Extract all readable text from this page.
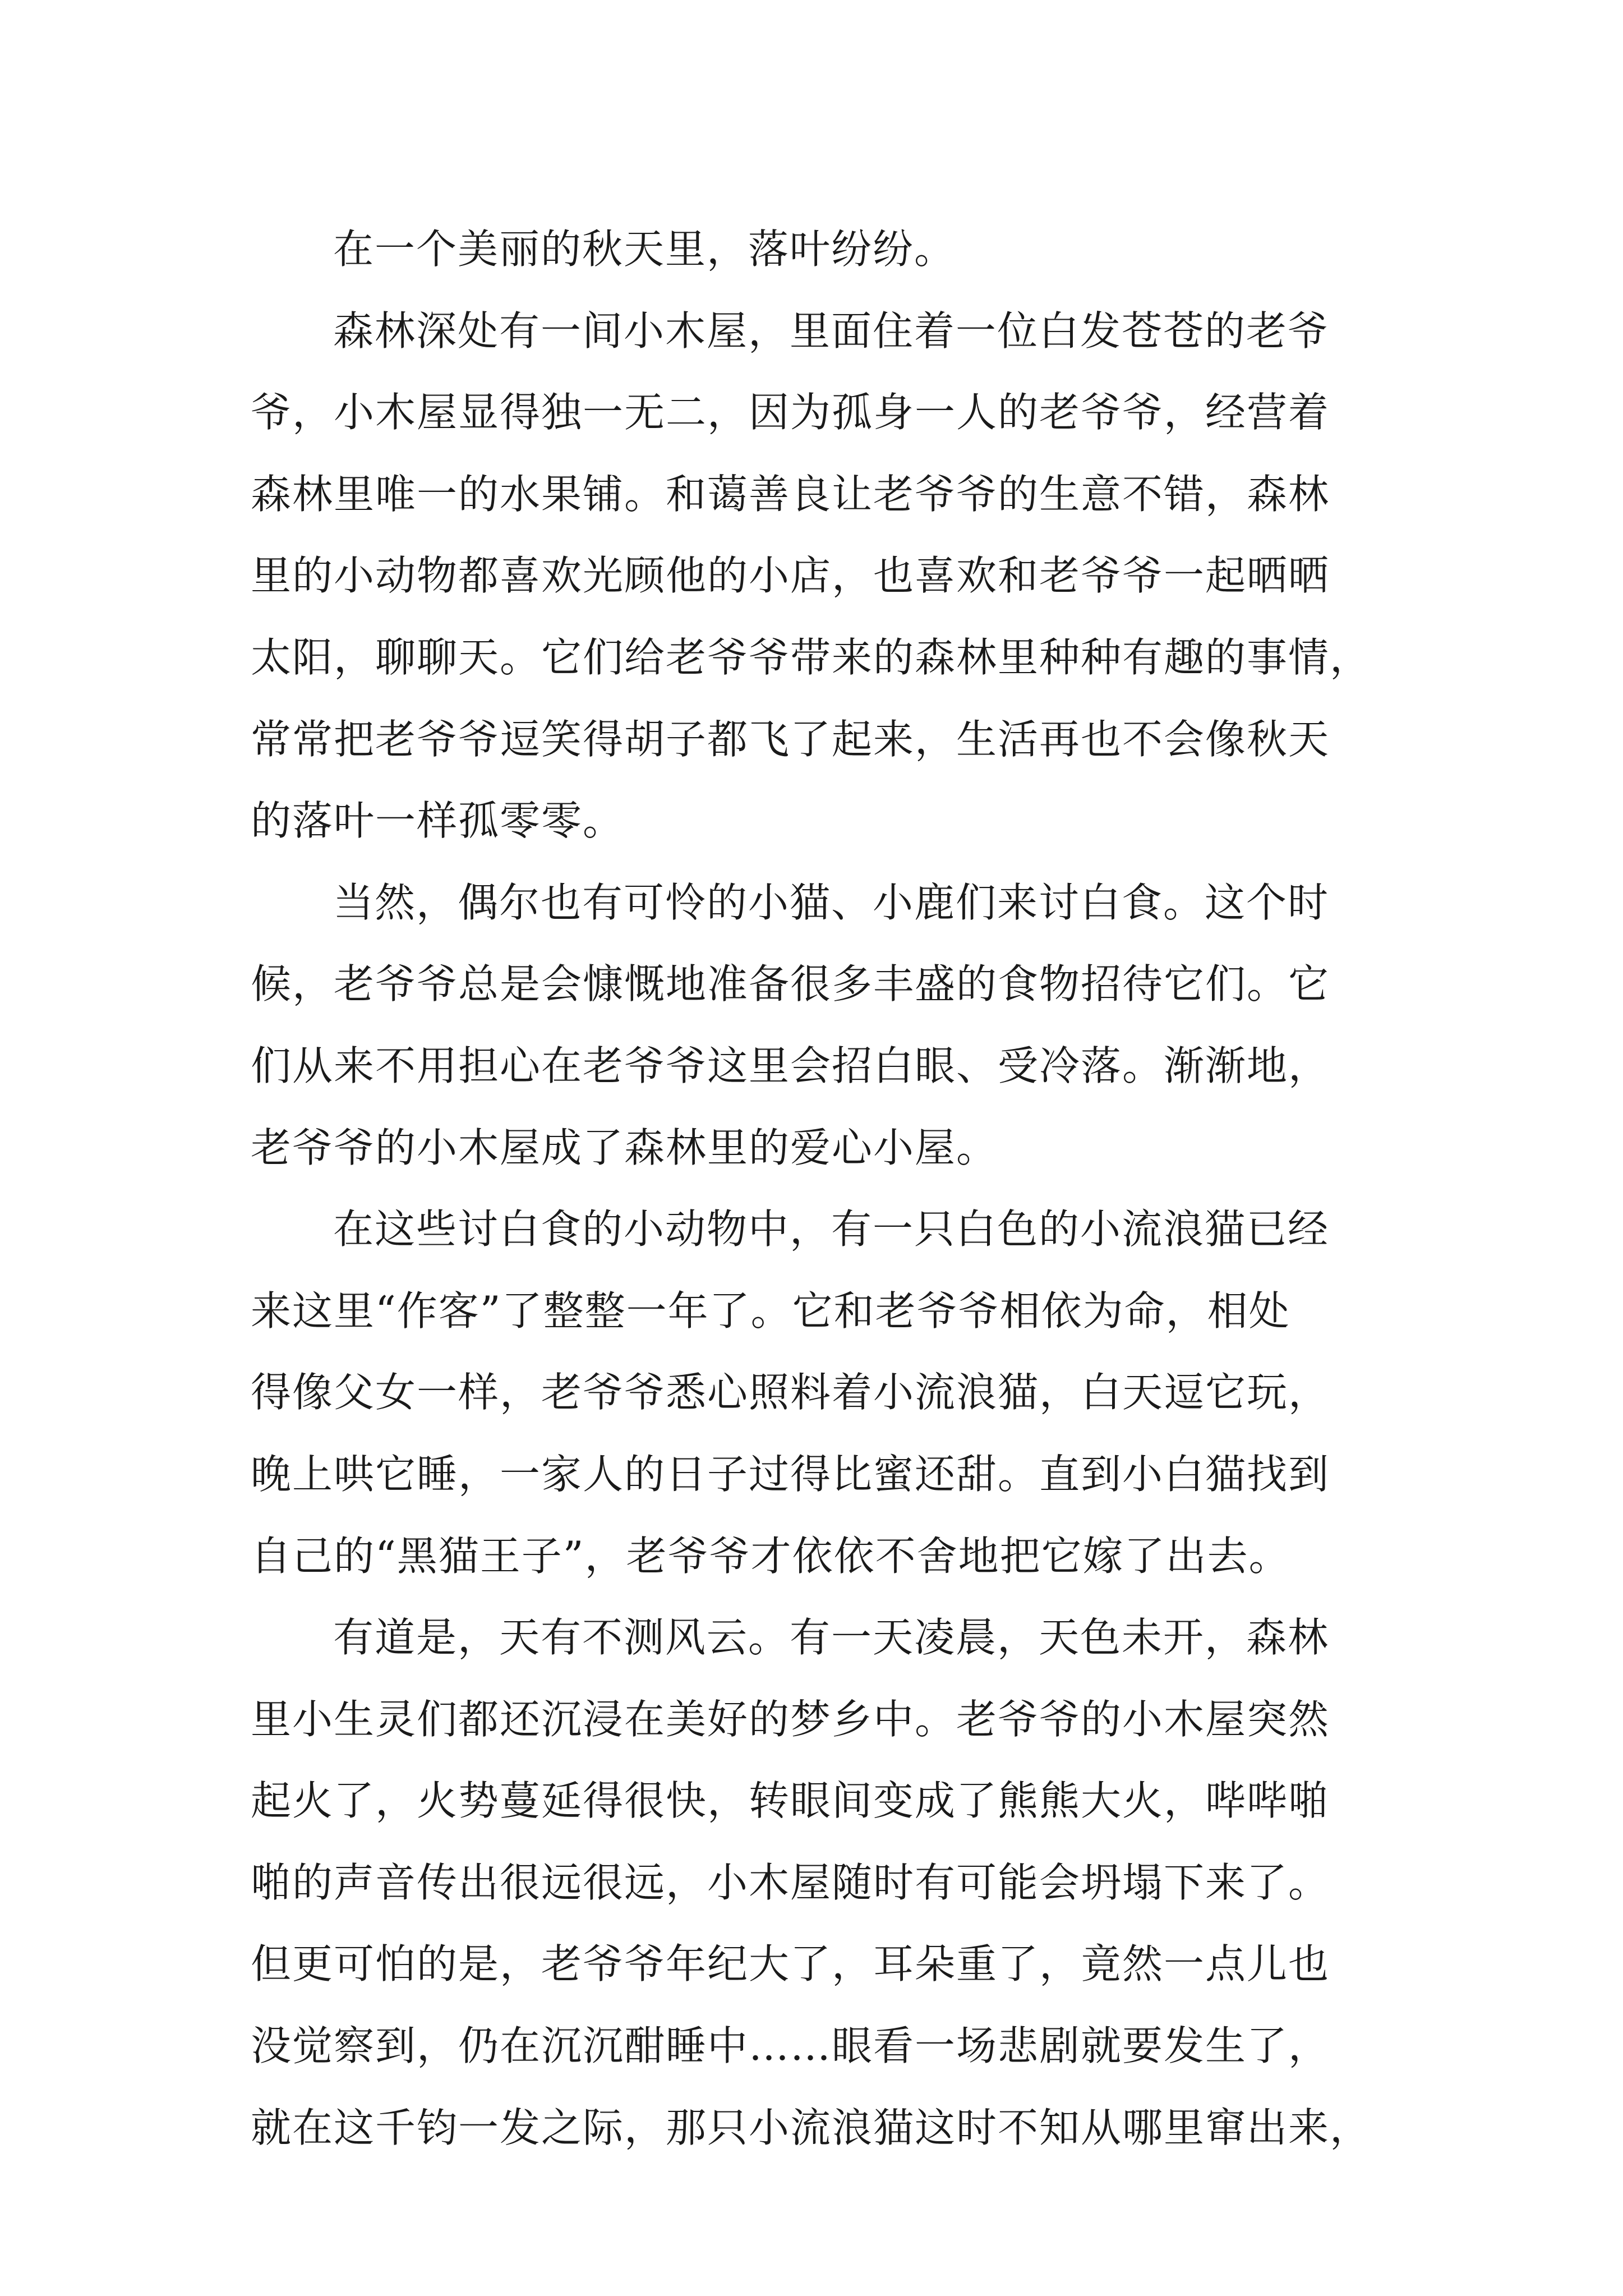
在一个美丽的秋天里，落叶纷纷。

森林深处有一间小木屋，里面住着一位白发苍苍的老爷
爷，小木屋显得独一无二，因为孤身一人的老爷爷，经营着
森林里唯一的水果铺。和蔼善良让老爷爷的生意不错，森林
里的小动物都喜欢光顾他的小店，也喜欢和老爷爷一起晒晒
太阳，聊聊天。它们给老爷爷带来的森林里种种有趣的事情，
常常把老爷爷逗笑得胡子都飞了起来，生活再也不会像秋天
的落叶一样孤零零。

当然，偶尔也有可怜的小猫、小鹿们来讨白食。这个时
候，老爷爷总是会慷慨地准备很多丰盛的食物招待它们。它
们从来不用担心在老爷爷这里会招白眼、受冷落。渐渐地，
老爷爷的小木屋成了森林里的爱心小屋。

在这些讨白食的小动物中，有一只白色的小流浪猫已经
来这里“作客”了整整一年了。它和老爷爷相依为命，相处
得像父女一样，老爷爷悉心照料着小流浪猫，白天逗它玩，
晚上哄它睡，一家人的日子过得比蜜还甜。直到小白猫找到
自己的“黑猫王子”，老爷爷才依依不舍地把它嫁了出去。

有道是，天有不测风云。有一天凌晨，天色未开，森林
里小生灵们都还沉浸在美好的梦乡中。老爷爷的小木屋突然
起火了，火势蔓延得很快，转眼间变成了熊熊大火，哔哔啪
啪的声音传出很远很远，小木屋随时有可能会坍塌下来了。
但更可怕的是，老爷爷年纪大了，耳朵重了，竟然一点儿也
没觉察到，仍在沉沉酣睡中……眼看一场悲剧就要发生了，
就在这千钧一发之际，那只小流浪猫这时不知从哪里窜出来，
